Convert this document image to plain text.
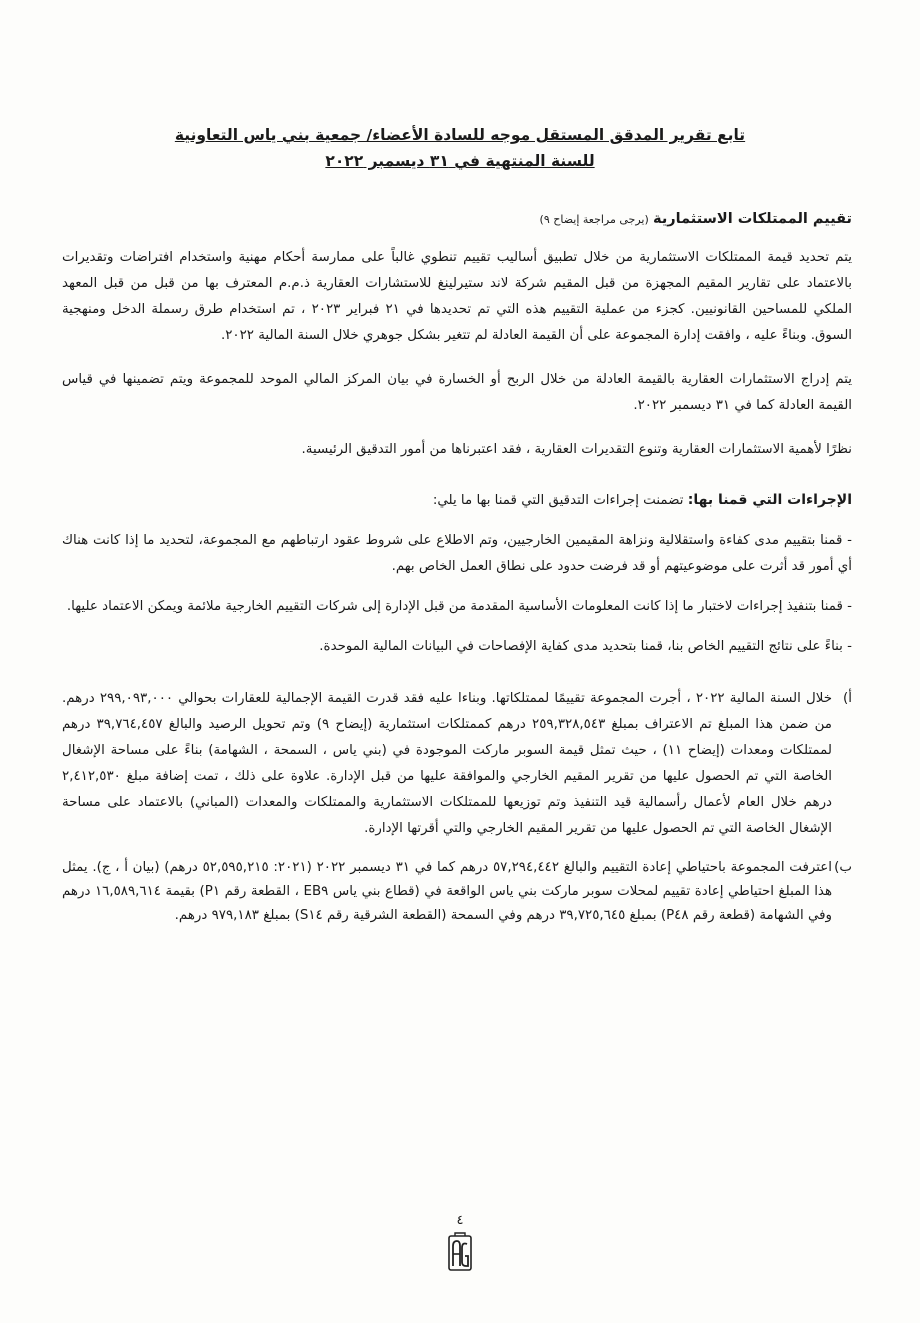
تابع تقرير المدقق المستقل موجه للسادة الأعضاء/ جمعية بني ياس التعاونية
للسنة المنتهية في ٣١ ديسمبر ٢٠٢٢
تقييم الممتلكات الاستثمارية (يرجى مراجعة إيضاح ٩)

يتم تحديد قيمة الممتلكات الاستثمارية من خلال تطبيق أساليب تقييم تنطوي غالباً على ممارسة أحكام مهنية واستخدام افتراضات وتقديرات بالاعتماد على تقارير المقيم المجهزة من قبل المقيم شركة لاند ستيرلينغ للاستشارات العقارية ذ.م.م المعترف بها من قبل من قبل المعهد الملكي للمساحين القانونيين. كجزء من عملية التقييم هذه التي تم تحديدها في ٢١ فبراير ٢٠٢٣ ، تم استخدام طرق رسملة الدخل ومنهجية السوق. وبناءً عليه ، وافقت إدارة المجموعة على أن القيمة العادلة لم تتغير بشكل جوهري خلال السنة المالية ٢٠٢٢.

يتم إدراج الاستثمارات العقارية بالقيمة العادلة من خلال الربح أو الخسارة في بيان المركز المالي الموحد للمجموعة ويتم تضمينها في قياس القيمة العادلة كما في ٣١ ديسمبر ٢٠٢٢.

نظرًا لأهمية الاستثمارات العقارية وتنوع التقديرات العقارية ، فقد اعتبرناها من أمور التدقيق الرئيسية.

الإجراءات التي قمنا بها: تضمنت إجراءات التدقيق التي قمنا بها ما يلي:

- قمنا بتقييم مدى كفاءة واستقلالية ونزاهة المقيمين الخارجيين، وتم الاطلاع على شروط عقود ارتباطهم مع المجموعة، لتحديد ما إذا كانت هناك أي أمور قد أثرت على موضوعيتهم أو قد فرضت حدود على نطاق العمل الخاص بهم.

- قمنا بتنفيذ إجراءات لاختبار ما إذا كانت المعلومات الأساسية المقدمة من قبل الإدارة إلى شركات التقييم الخارجية ملائمة ويمكن الاعتماد عليها.

- بناءً على نتائج التقييم الخاص بنا، قمنا بتحديد مدى كفاية الإفصاحات في البيانات المالية الموحدة.

أ)
خلال السنة المالية ٢٠٢٢ ، أجرت المجموعة تقييمًا لممتلكاتها. وبناءا عليه فقد قدرت القيمة الإجمالية للعقارات بحوالي ٢٩٩,٠٩٣,٠٠٠ درهم. من ضمن هذا المبلغ تم الاعتراف بمبلغ ٢٥٩,٣٢٨,٥٤٣ درهم كممتلكات استثمارية (إيضاح ٩) وتم تحويل الرصيد والبالغ ٣٩,٧٦٤,٤٥٧ درهم لممتلكات ومعدات (إيضاح ١١) ، حيث تمثل قيمة السوبر ماركت الموجودة في (بني ياس ، السمحة ، الشهامة) بناءً على مساحة الإشغال الخاصة التي تم الحصول عليها من تقرير المقيم الخارجي والموافقة عليها من قبل الإدارة. علاوة على ذلك ، تمت إضافة مبلغ ٢,٤١٢,٥٣٠ درهم خلال العام لأعمال رأسمالية قيد التنفيذ وتم توزيعها للممتلكات الاستثمارية والممتلكات والمعدات (المباني) بالاعتماد على مساحة الإشغال الخاصة التي تم الحصول عليها من تقرير المقيم الخارجي والتي أقرتها الإدارة.
ب)
اعترفت المجموعة باحتياطي إعادة التقييم والبالغ ٥٧,٢٩٤,٤٤٢ درهم كما في ٣١ ديسمبر ٢٠٢٢ (٢٠٢١: ٥٢,٥٩٥,٢١٥ درهم) (بيان أ ، ج). يمثل هذا المبلغ احتياطي إعادة تقييم لمحلات سوبر ماركت بني ياس الواقعة في (قطاع بني ياس EB٩ ، القطعة رقم P١) بقيمة ١٦,٥٨٩,٦١٤ درهم وفي الشهامة (قطعة رقم P٤٨) بمبلغ ٣٩,٧٢٥,٦٤٥ درهم وفي السمحة (القطعة الشرقية رقم S١٤) بمبلغ ٩٧٩,١٨٣ درهم.
٤
